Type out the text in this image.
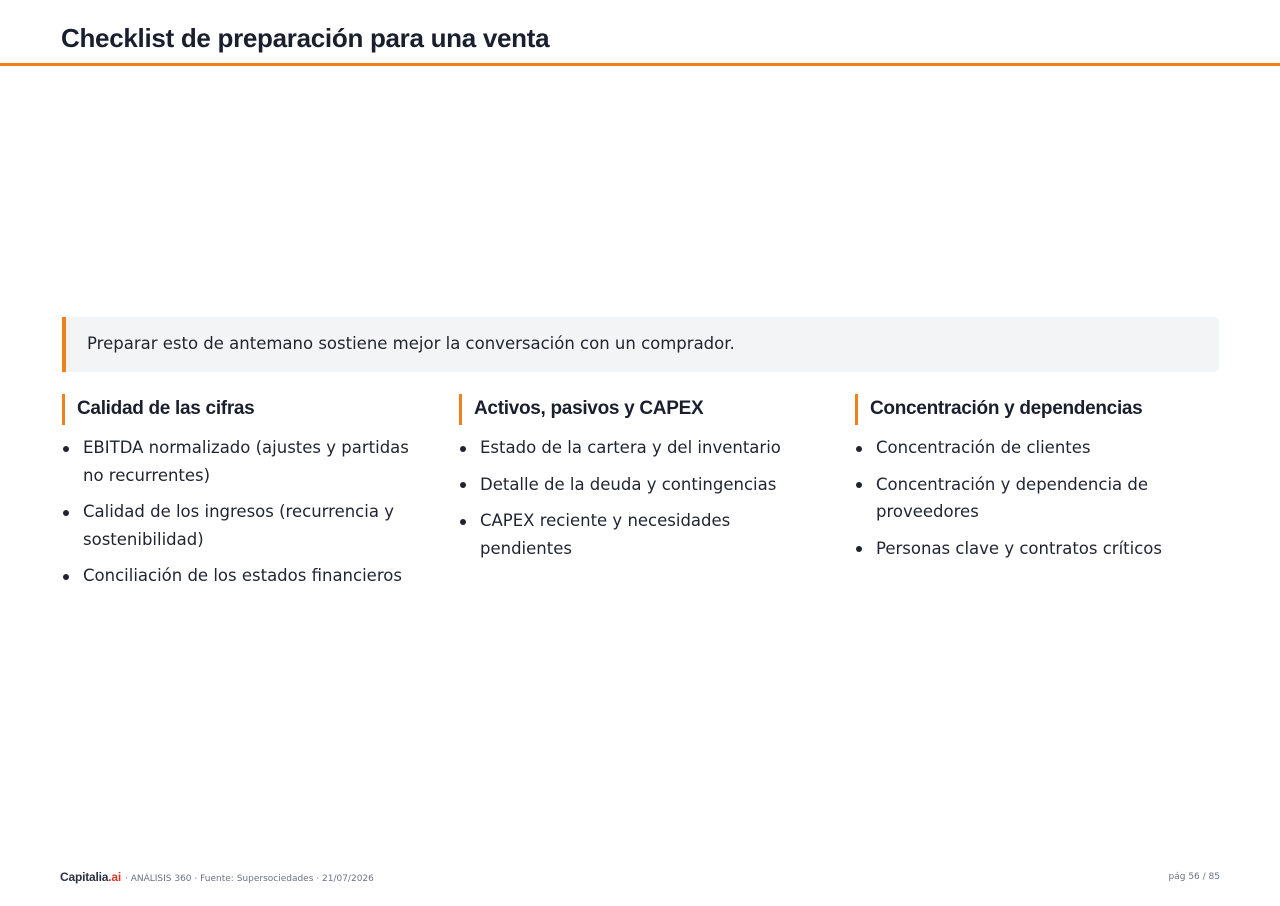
Checklist de preparación para una venta
Preparar esto de antemano sostiene mejor la conversación con un comprador.
Calidad de las cifras
EBITDA normalizado (ajustes y partidas no recurrentes)
Calidad de los ingresos (recurrencia y sostenibilidad)
Conciliación de los estados financieros
Activos, pasivos y CAPEX
Estado de la cartera y del inventario
Detalle de la deuda y contingencias
CAPEX reciente y necesidades pendientes
Concentración y dependencias
Concentración de clientes
Concentración y dependencia de proveedores
Personas clave y contratos críticos
Capitalia.ai · ANÁLISIS 360 · Fuente: Supersociedades · 21/07/2026	pág 56 / 85
